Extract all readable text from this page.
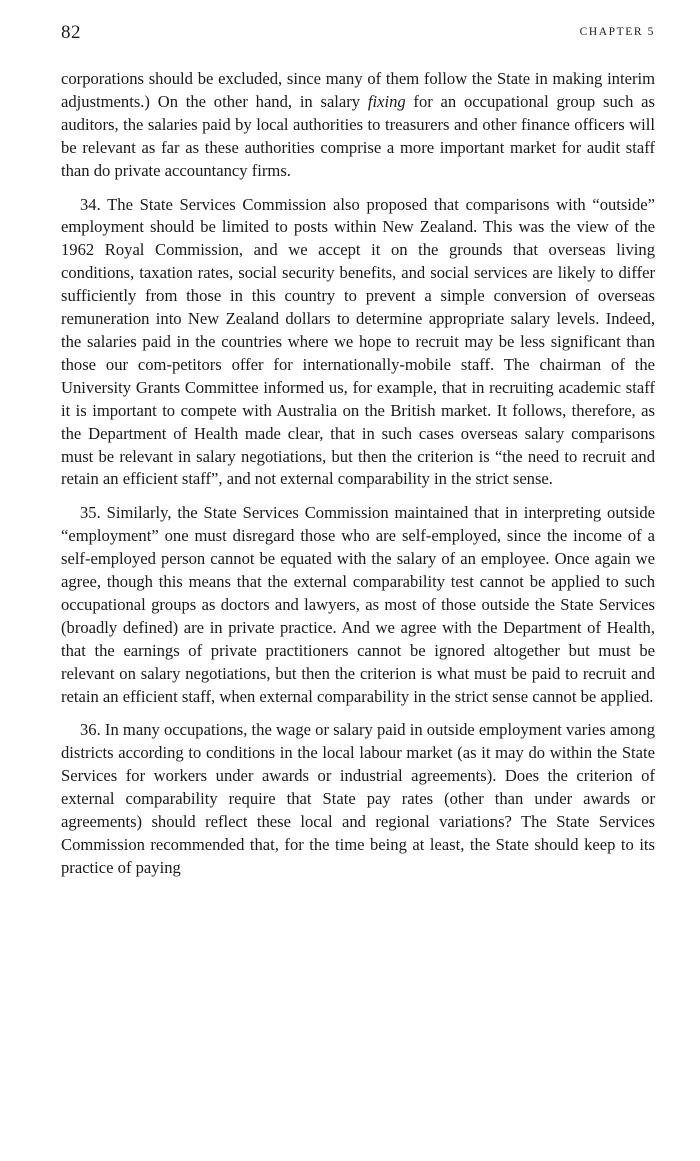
82	CHAPTER 5

corporations should be excluded, since many of them follow the State in making interim adjustments.) On the other hand, in salary fixing for an occupational group such as auditors, the salaries paid by local authorities to treasurers and other finance officers will be relevant as far as these authorities comprise a more important market for audit staff than do private accountancy firms.

34. The State Services Commission also proposed that comparisons with “outside” employment should be limited to posts within New Zealand. This was the view of the 1962 Royal Commission, and we accept it on the grounds that overseas living conditions, taxation rates, social security benefits, and social services are likely to differ sufficiently from those in this country to prevent a simple conversion of overseas remuneration into New Zealand dollars to determine appropriate salary levels. Indeed, the salaries paid in the countries where we hope to recruit may be less significant than those our com-petitors offer for internationally-mobile staff. The chairman of the University Grants Committee informed us, for example, that in recruiting academic staff it is important to compete with Australia on the British market. It follows, therefore, as the Department of Health made clear, that in such cases overseas salary comparisons must be relevant in salary negotiations, but then the criterion is “the need to recruit and retain an efficient staff”, and not external comparability in the strict sense.

35. Similarly, the State Services Commission maintained that in interpreting outside “employment” one must disregard those who are self-employed, since the income of a self-employed person cannot be equated with the salary of an employee. Once again we agree, though this means that the external comparability test cannot be applied to such occupational groups as doctors and lawyers, as most of those outside the State Services (broadly defined) are in private practice. And we agree with the Department of Health, that the earnings of private practitioners cannot be ignored altogether but must be relevant on salary negotiations, but then the criterion is what must be paid to recruit and retain an efficient staff, when external comparability in the strict sense cannot be applied.

36. In many occupations, the wage or salary paid in outside employment varies among districts according to conditions in the local labour market (as it may do within the State Services for workers under awards or industrial agreements). Does the criterion of external comparability require that State pay rates (other than under awards or agreements) should reflect these local and regional variations? The State Services Commission recommended that, for the time being at least, the State should keep to its practice of paying
